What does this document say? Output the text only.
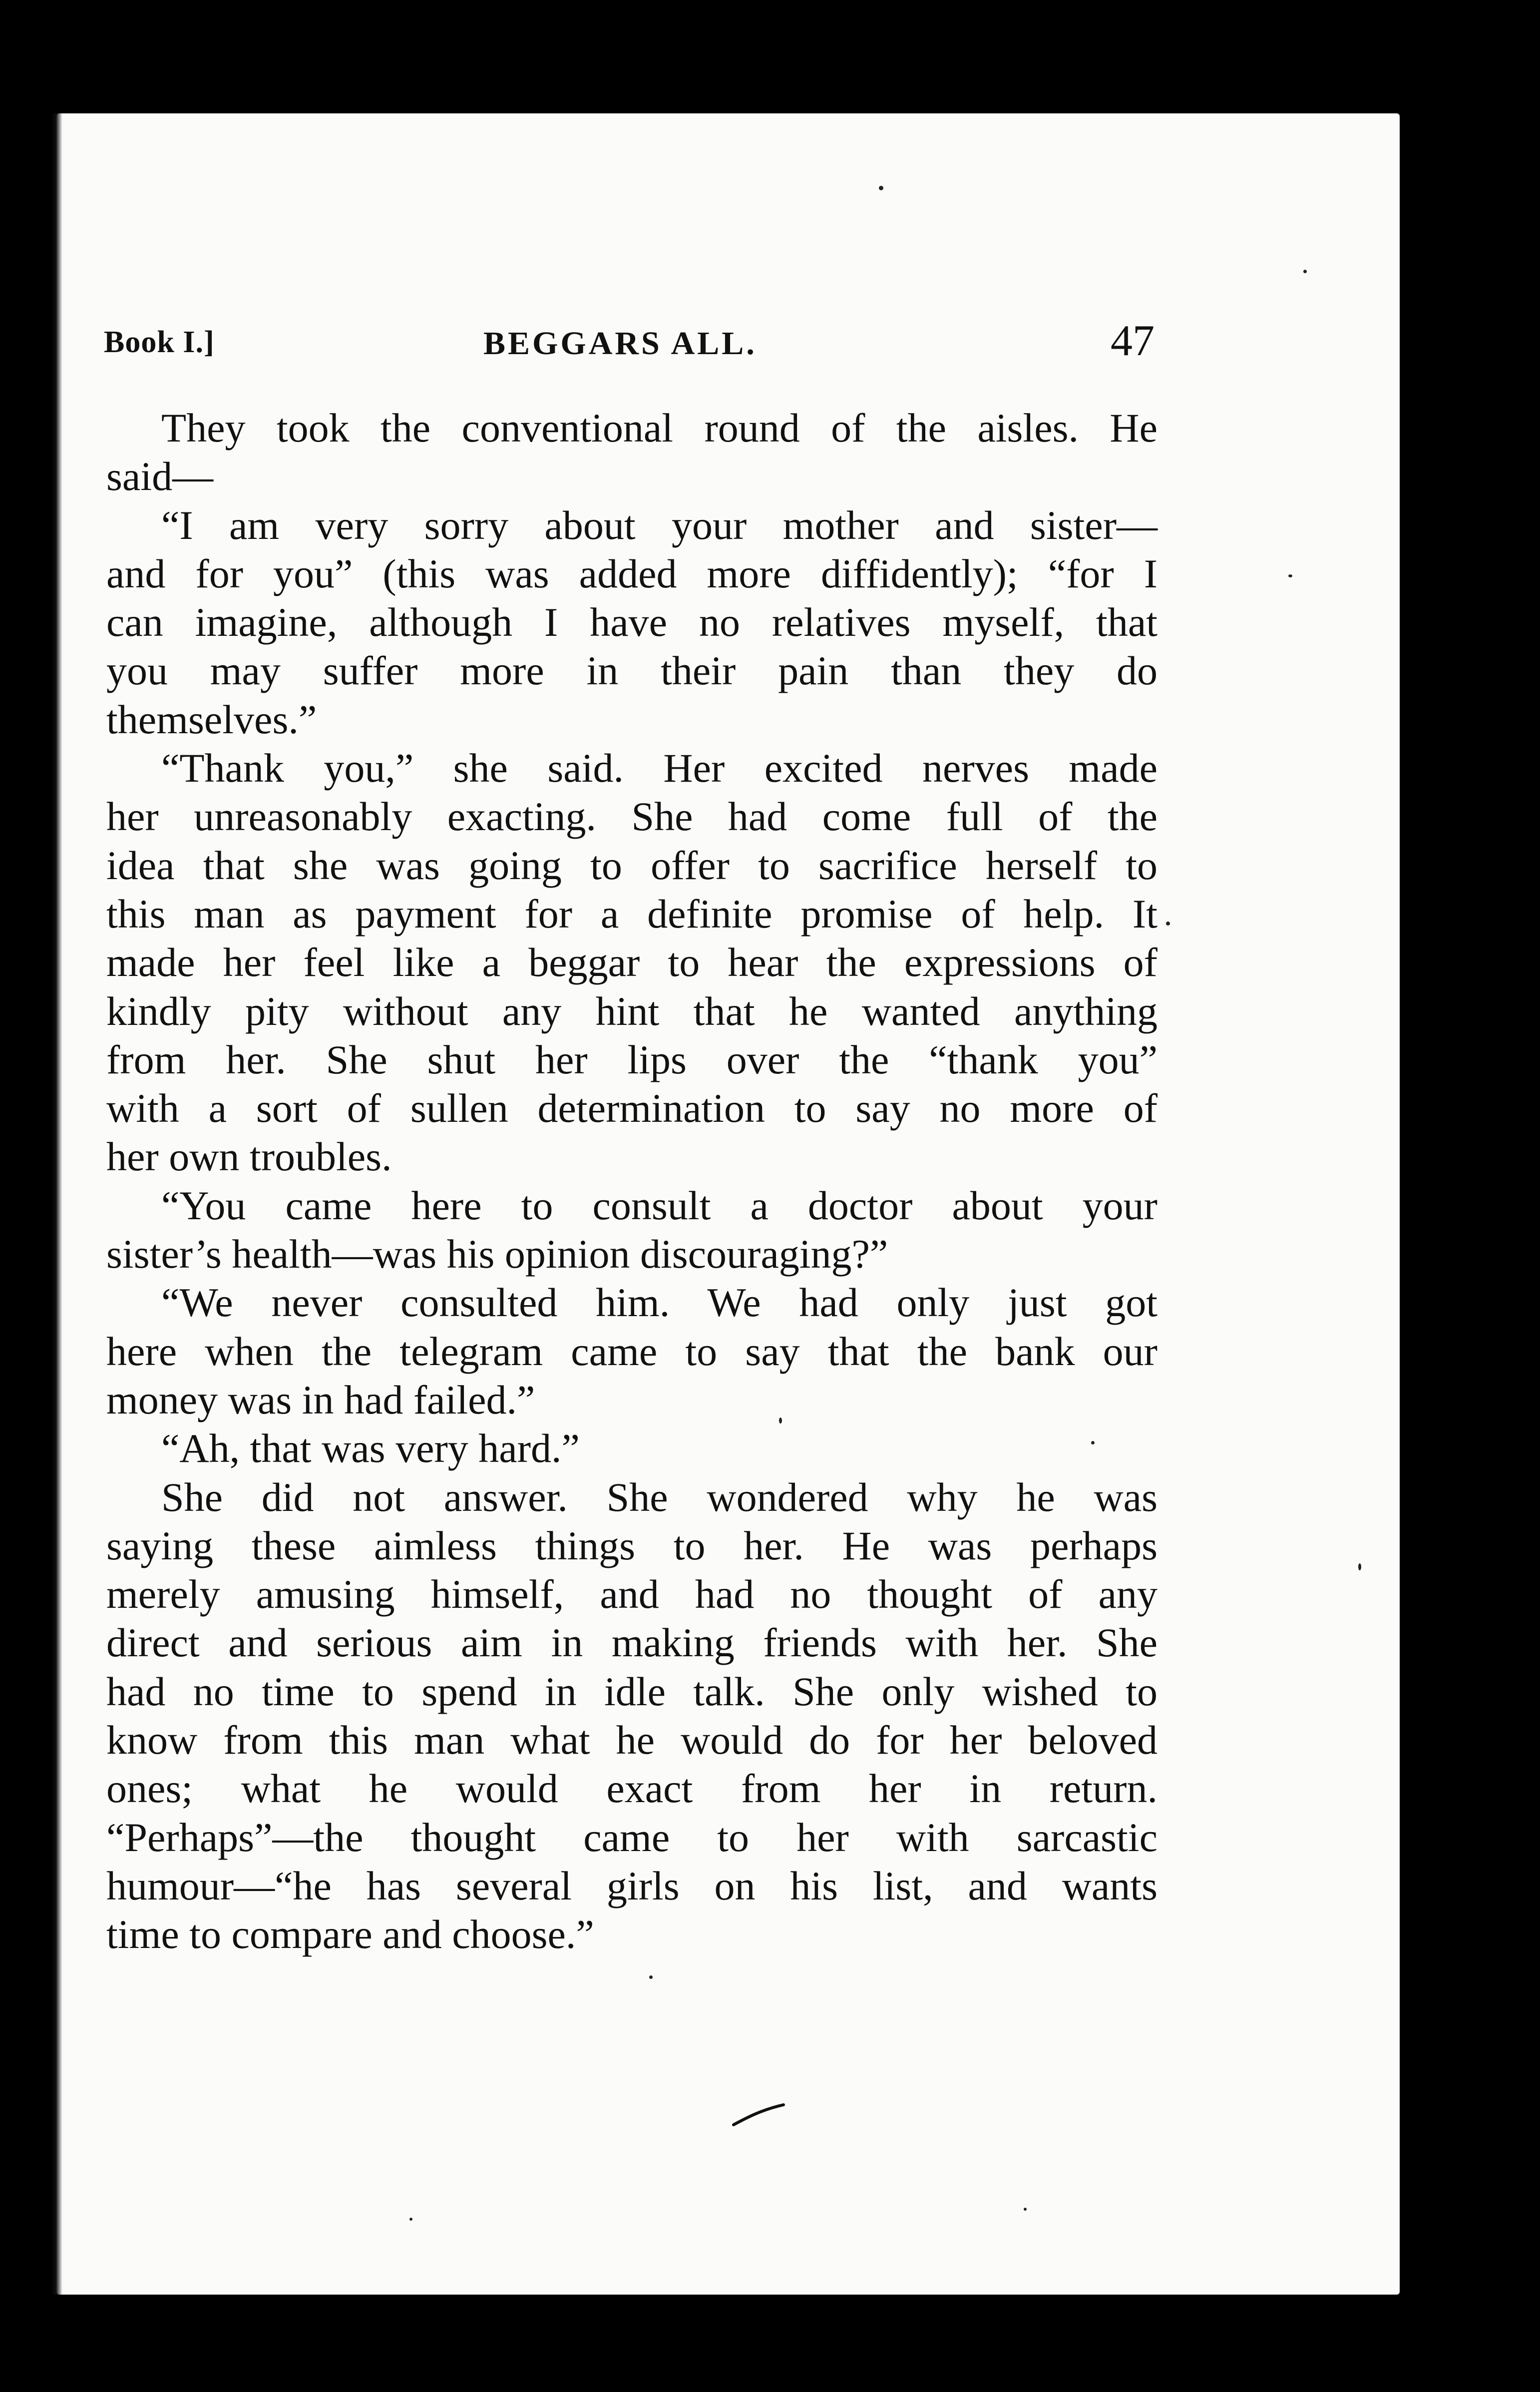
Book I.]	BEGGARS ALL.	47
They took the conventional round of the aisles. He
said—
“I am very sorry about your mother and sister—
and for you” (this was added more diffidently); “for I
can imagine, although I have no relatives myself, that
you may suffer more in their pain than they do
themselves.”
“Thank you,” she said. Her excited nerves made
her unreasonably exacting. She had come full of the
idea that she was going to offer to sacrifice herself to
this man as payment for a definite promise of help. It
made her feel like a beggar to hear the expressions of
kindly pity without any hint that he wanted anything
from her. She shut her lips over the “thank you”
with a sort of sullen determination to say no more of
her own troubles.
“You came here to consult a doctor about your
sister’s health—was his opinion discouraging?”
“We never consulted him. We had only just got
here when the telegram came to say that the bank our
money was in had failed.”
“Ah, that was very hard.”
She did not answer. She wondered why he was
saying these aimless things to her. He was perhaps
merely amusing himself, and had no thought of any
direct and serious aim in making friends with her. She
had no time to spend in idle talk. She only wished to
know from this man what he would do for her beloved
ones; what he would exact from her in return.
“Perhaps”—the thought came to her with sarcastic
humour—“he has several girls on his list, and wants
time to compare and choose.”
